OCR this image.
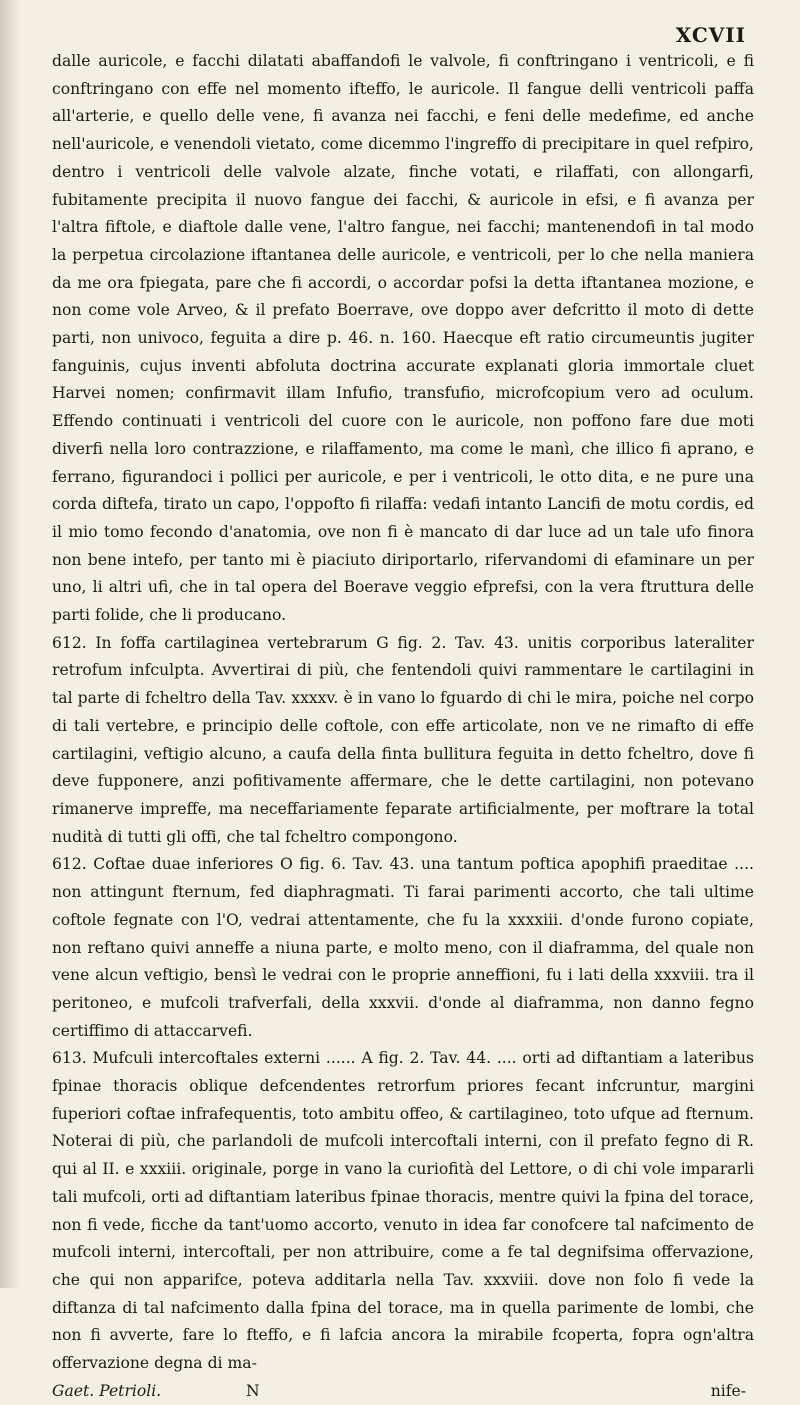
XCVII

dalle auricole, e facchi dilatati abaffandofi le valvole, fi conftringano i ventricoli, e fi conftringano con effe nel momento ifteffo, le auricole. Il fangue delli ventricoli paffa all'arterie, e quello delle vene, fi avanza nei facchi, e feni delle medefime, ed anche nell'auricole, e venendoli vietato, come dicemmo l'ingreffo di precipitare in quel refpiro, dentro i ventricoli delle valvole alzate, finche votati, e rilaffati, con allongarfi, fubitamente precipita il nuovo fangue dei facchi, & auricole in efsi, e fi avanza per l'altra fiftole, e diaftole dalle vene, l'altro fangue, nei facchi; mantenendofi in tal modo la perpetua circolazione iftantanea delle auricole, e ventricoli, per lo che nella maniera da me ora fpiegata, pare che fi accordi, o accordar pofsi la detta iftantanea mozione, e non come vole Arveo, & il prefato Boerrave, ove doppo aver defcritto il moto di dette parti, non univoco, feguita a dire p. 46. n. 160. Haecque eft ratio circumeuntis jugiter fanguinis, cujus inventi abfoluta doctrina accurate explanati gloria immortale cluet Harvei nomen; confirmavit illam Infufio, transfufio, microfcopium vero ad oculum. Effendo continuati i ventricoli del cuore con le auricole, non poffono fare due moti diverfi nella loro contrazzione, e rilaffamento, ma come le manì, che illico fi aprano, e ferrano, figurandoci i pollici per auricole, e per i ventricoli, le otto dita, e ne pure una corda diftefa, tirato un capo, l'oppofto fi rilaffa: vedafi intanto Lancifi de motu cordis, ed il mio tomo fecondo d'anatomia, ove non fi è mancato di dar luce ad un tale ufo finora non bene intefo, per tanto mi è piaciuto diriportarlo, rifervandomi di efaminare un per uno, li altri ufi, che in tal opera del Boerave veggio efprefsi, con la vera ftruttura delle parti folide, che li producano.

612. In foffa cartilaginea vertebrarum G fig. 2. Tav. 43. unitis corporibus lateraliter retrofum infculpta. Avvertirai di più, che fentendoli quivi rammentare le cartilagini in tal parte di fcheltro della Tav. xxxxv. è in vano lo fguardo di chi le mira, poiche nel corpo di tali vertebre, e principio delle coftole, con effe articolate, non ve ne rimafto di effe cartilagini, veftigio alcuno, a caufa della finta bullitura feguita in detto fcheltro, dove fi deve fupponere, anzi pofitivamente affermare, che le dette cartilagini, non potevano rimanerve impreffe, ma neceffariamente feparate artificialmente, per moftrare la total nudità di tutti gli offi, che tal fcheltro compongono.

612. Coftae duae inferiores O fig. 6. Tav. 43. una tantum poftica apophifi praeditae .... non attingunt fternum, fed diaphragmati. Ti farai parimenti accorto, che tali ultime coftole fegnate con l'O, vedrai attentamente, che fu la xxxxiii. d'onde furono copiate, non reftano quivi anneffe a niuna parte, e molto meno, con il diaframma, del quale non vene alcun veftigio, bensì le vedrai con le proprie anneffioni, fu i lati della xxxviii. tra il peritoneo, e mufcoli trafverfali, della xxxvii. d'onde al diaframma, non danno fegno certiffimo di attaccarvefi.

613. Mufculi intercoftales externi ...... A fig. 2. Tav. 44. .... orti ad diftantiam a lateribus fpinae thoracis oblique defcendentes retrorfum priores fecant infcruntur, margini fuperiori coftae infrafequentis, toto ambitu offeo, & cartilagineo, toto ufque ad fternum. Noterai di più, che parlandoli de mufcoli intercoftali interni, con il prefato fegno di R. qui al II. e xxxiii. originale, porge in vano la curiofità del Lettore, o di chi vole impararli tali mufcoli, orti ad diftantiam lateribus fpinae thoracis, mentre quivi la fpina del torace, non fi vede, ficche da tant'uomo accorto, venuto in idea far conofcere tal nafcimento de mufcoli interni, intercoftali, per non attribuire, come a fe tal degnifsima offervazione, che qui non apparifce, poteva additarla nella Tav. xxxviii. dove non folo fi vede la diftanza di tal nafcimento dalla fpina del torace, ma in quella parimente de lombi, che non fi avverte, fare lo fteffo, e fi lafcia ancora la mirabile fcoperta, fopra ogn'altra offervazione degna di ma-

Gaet. Petrioli.	N	nife-
